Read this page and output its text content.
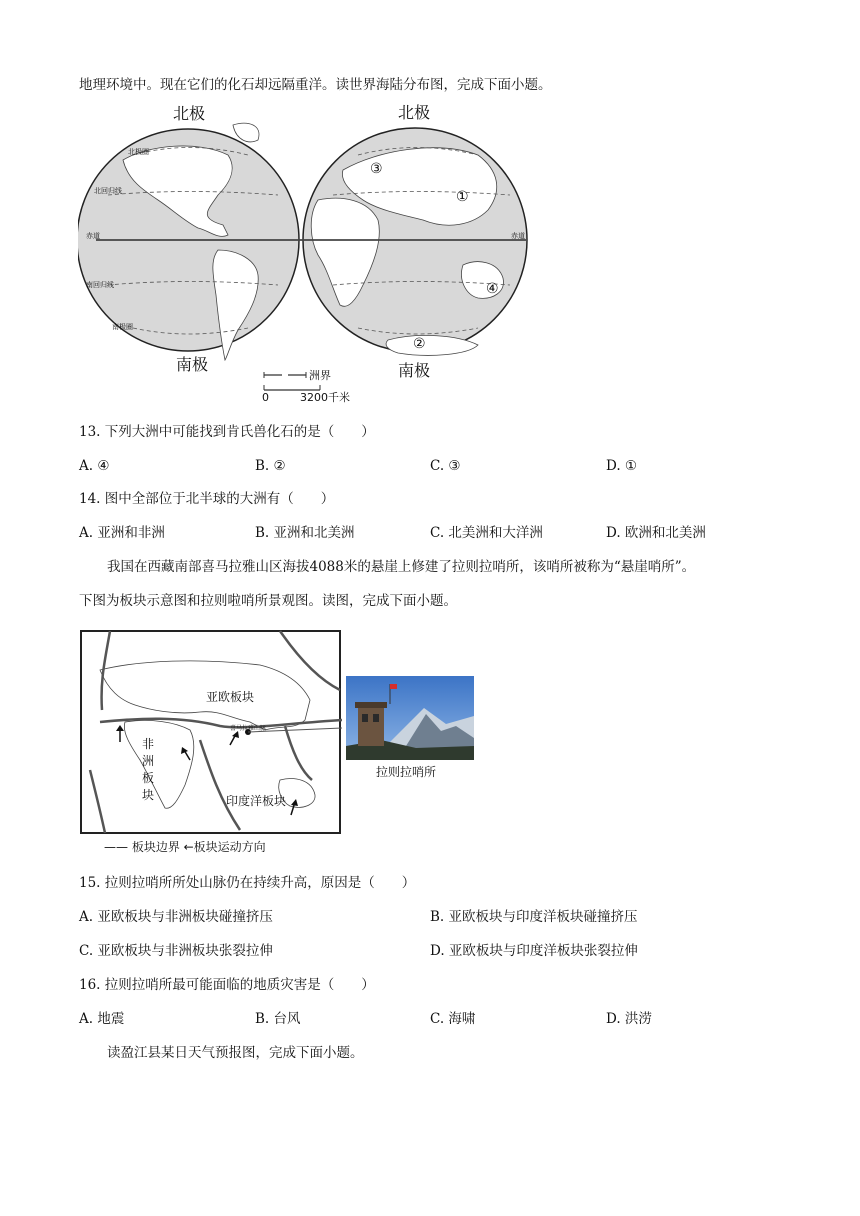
地理环境中。现在它们的化石却远隔重洋。读世界海陆分布图，完成下面小题。
北极	北极
南极	南极
北极圈
北回归线
赤道	赤道
南回归线
南极圈
③
①
④
②
洲界
0	3200千米
13. 下列大洲中可能找到肯氏兽化石的是（　　）
A. ④	B. ②	C. ③	D. ①
14. 图中全部位于北半球的大洲有（　　）
A. 亚洲和非洲	B. 亚洲和北美洲	C. 北美洲和大洋洲	D. 欧洲和北美洲
我国在西藏南部喜马拉雅山区海拔4088米的悬崖上修建了拉则拉哨所，该哨所被称为“悬崖哨所”。
下图为板块示意图和拉则啦哨所景观图。读图，完成下面小题。
亚欧板块
非
洲
板
块	印度洋板块
喜马拉雅山脉
拉则拉哨所
—— 板块边界 ←板块运动方向
15. 拉则拉哨所所处山脉仍在持续升高，原因是（　　）
A. 亚欧板块与非洲板块碰撞挤压	B. 亚欧板块与印度洋板块碰撞挤压
C. 亚欧板块与非洲板块张裂拉伸	D. 亚欧板块与印度洋板块张裂拉伸
16. 拉则拉哨所最可能面临的地质灾害是（　　）
A. 地震	B. 台风	C. 海啸	D. 洪涝
读盈江县某日天气预报图，完成下面小题。
